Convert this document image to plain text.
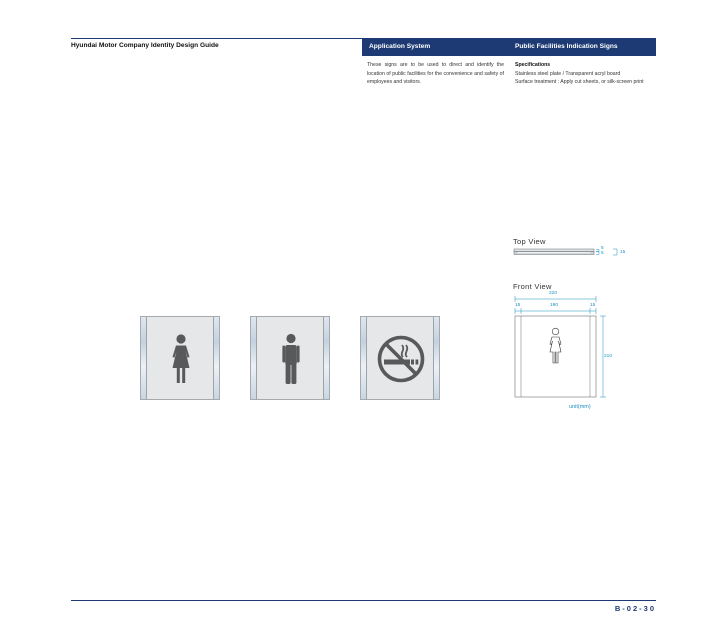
Hyundai Motor Company Identity Design Guide	Application System	Public Facilities Indication Signs
These signs are to be used to direct and identify the location of public facilities for the convenience and safety of employees and visitors.
Specifications
Stainless steel plate / Transparent acryl board
Surface treatment : Apply cut sheets, or silk-screen print
Top View
5
5	15
Front View
220
15	190	15
210
unit(mm)
B-02-30
